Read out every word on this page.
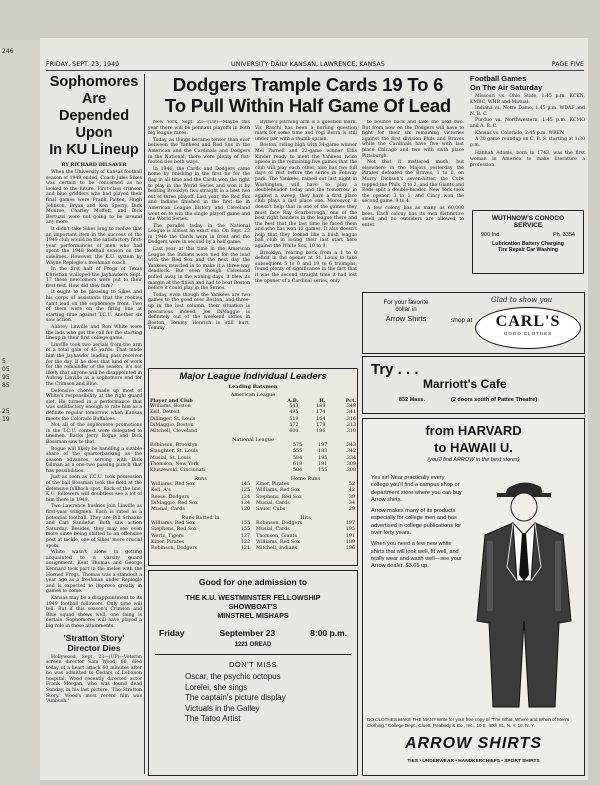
246
5
05
95
85
25
19
FRIDAY, SEPT. 23, 1949	UNIVERSITY DAILY KANSAN, LAWRENCE, KANSAS	PAGE FIVE
Sophomores Are
Depended Upon
In KU Lineup
BY RICHARD DILSAVER

When the University of Kansas football season of 1949 ended, Coach Jules Sikes was certain to be concerned as he looked to the future. First-class crimson and blue gridders who had played their final games were Frank Pattee, Hugh Johnson, Bryan and Ken Sperry, Dick Monroe, Charley Moffett, and Dick Bertuzzi were not going to be around any more.

It didn't take Sikes long to realize that an important item in the success of the 1949 club would be the satisfactory first-year performances of men who had spent the 1948 football season on the sidelines. However, the K.U. system by Wayne Replogle's freshman coach.

In the first half of Frogs of Texas Christian walloped the Jayhawkers Sept. 17 these newcomers were put to their first test. How did they fare?

It ought to be pleasing to Sikes and his corps of assistants that the rookies can't lead on the sophomore front. Two of them were on the firing line at starting time against T.C.U. Another six saw action.

Aubrey Linville and Ron White were the lads who got the call for the starting lineup in their first college game.

Linville took two aerials from the arm of a total gain of 45 yards. That made him the Jayhawks' leading pass receiver for the day. If he does that kind of work for the remainder of the season, it's not likely that anyone will be disappointed in Aubrey Linville as a sophomore end for the Crimson and Blue.

Defensive chores made up most of White's responsibility at the right guard slot. He turned in a performance that was satisfactory enough to rate him as a definite regular tomorrow when Kansas meets the Colorado Buffaloes.

Not all of the sophomore promotions in the T.C.U. contest were delegated to linemen. Backs Jerry Bogue and Dick Bossman saw to that.

Bogue will likely be handling a sizable share of the quarterbacking as the season advances, serving with Dick Gilman as a one-two passing punch that has possibilities.

Just as soon as T.C.U. took possession of the ball Bossman took the field at the defensive fullback spot. Back of the line, K.U. followers will doubtless see a lot of him there in 1949.

Two Lawrence huskies join Linville as first-year wingmen. Each is rated as a potential football. They are Bill Schaake and Carl Sandefur. Both saw action Saturday. Besides, they may see even more since being shifted to an offensive post at tackle, one of Sikes' more crucial spots.

White wasn't alone in getting acquainted to a varsity guard assignment. Kent Thomas and George Kennard took part in the melee with the Horned Frogs. Thomas was a standout a year ago as a freshman under Replogle and is expected to improve greatly in games to come.

Kansas may be a disappointment to its 1949 football followers. Only time will tell. But if this season's Crimson and Blue squad shows well, one thing is certain. Sophomores will have played a big role in those attainments.

'Stratton Story'
Director Dies

Hollywood, Sept. 23—(UP)—Veteran screen director Sam Wood, 66, died today of a heart attack 60 minutes after he was admitted to Cedars of Lebanon hospital. Wood recently directed actor Frank Morgan, who was found dead Sunday, in his last picture, 'The Stratton Story.' Wood's most recent film was 'Ambush.'

Dodgers Trample Cards 19 To 6
To Pull Within Half Game Of Lead

New York, Sept. 23—(UP)—Maybe this year there will be pennant playoffs in both big league races.

Today, as things became tenser than ever between the Yankees and Red Sox in the American and the Cardinals and Dodgers in the National, there were plenty of flat-footed ties both ways.

In 1946, the Cards and Dodgers came home by finishing in the first tie for the flag in all time and the Cards won the right to play in the World Series and won it by beating Brooklyn two straight in a best two out of three playoff. Last year, the Red Sox and Indians finished in the first tie in American League history and Cleveland went on to win the single playoff game and the World Series.

The parallel today in the National League is almost an exact one. On Sept. 23 in 1946 the Cards were in front and the Dodgers were in second by a half game.

Last year at this time in the American League the Indians were tied for the lead with the Red Sox and the next day the Yankees muscled in to make it a three-way deadlock. But even though Cleveland pulled away in the waning days, it blew its margin at the finish and had to beat Boston before it could play in the Series.

Today, even though the Yankees are two games to the good over Boston, and three-up in the lost column, their situation is precarious indeed. Joe DiMaggio is definitely out of the weekend series in Boston, Tommy Henrich is still hurt, Tommy

Byrne's pitching arm is a question mark. Vic Raschi has been a hurling question mark for some time and Yogi Berra is still under par with a thumb sprain.

Boston, riding high with 34-game winner Mel Parnell and 22-game winner Ellis Kinder ready to meet the Yankees twice apiece in the remaining five games that the club will play each other, also has two full days of rest before the series in Fenway park. The Yankees, rained out last night in Washington, will have to play a doubleheader today and the tomorrow in against a sweep, they have a first place club plays a last place one. Moreover, it doesn't help that in one of the games they must face Ray Scarborough, one of the best right handers in the league there and the best that the last time he faced them and who has won 12 games. It also doesn't help that they looked like a bush league ball club in losing their last start here against the White Sox, 10 to 9.

Brooklyn, roaring back from a 1 to 0 deficit in the opener at St. Louis to take subsequent 5 to 0 and 19 to 6 triumphs, found plenty of significance in the fact that it was the second straight time it had lost the opener of a Cardinal series, only

to bounce back and take the next two. But from now on the Dodgers will have to fight for their six remaining victories against the first division Phils and Braves while the Cardinals have five with last place Chicago and two with sixth place Pittsburgh.

Not that it mattered much, but elsewhere in the Majors yesterday the Pirates defeated the Braves, 1 to 0, on Murry Dickson's seven-hitter, the Cubs topped the Phils, 3 to 2, and the Giants and Reds split a double-header. New York took the opener, 3 to 1, and Cincy won the second game, 9 to 4.

A few colony has as many as 60,000 bees. Each colony has its own distinctive smell and no outsiders are allowed to enter.

Football Games
On The Air Saturday

Missouri vs. Ohio State, 1:45 p.m. KCKN, KMBC, WHB and Mutual.

Indiana vs. Notre Dame, 1:45 p.m. WDAF and N. B. C.

Purdue vs. Northwestern, 1:45 p.m. KCMO and A. B. C.

Kansas vs. Colorado, 2:45 p.m. WREN

A 30 game roundup on C. B. S. starting at 1:30 p.m.

Hannah Adams, born in 1743, was the first woman in America to make literature a profession.

WUTHNOW'S CONOCO
SERVICE
900 Ind.	Ph. 3354
Lubrication Battery Charging
Tire Repair Car Washing
For your favorite
collar in
Arrow Shirts	shop at
Glad to show you
CARL'S
GOOD CLOTHES
Try . . .
Marriott's Cafe
832 Mass.	(2 doors south of Pattee Theatre)
Major League Individual Leaders
Leading Batsmen
American League
Player and Club	A.B.	H.	Pct.
Williams, Boston	543	189	.348
Kell, Detroit	495	174	.341
Dillinger, St. Louis	519	164	.316
DiMaggio, Boston	572	179	.313
Mitchell, Cleveland	600	186	.310
National League
Robinson, Brooklyn	575	197	.343
Slaughter, St. Louis	555	183	.342
Musial, St. Louis	584	195	.334
Thomson, New York	618	191	.309
Kluszewski, Cincinnati	504	155	.308
Runs
Williams, Red Sox	145
Kell, A's	125
Reese, Dodgers	124
DiMaggio, Red Sox	124
Musial, Cards	120
Runs Batted In
Williams, Red Sox	155
Stephens, Red Sox	155
Wertz, Tigers	127
Kiner, Pirates	122
Robinson, Dodgers	121
Home Runs
Kiner, Pirates	52
Williams, Red Sox	42
Stephens, Red Sox	39
Musial, Cards	34
Sauer, Cubs	29
Hits
Robinson, Dodgers	197
Musial, Cards	195
Thomson, Giants	191
Williams, Red Sox	189
Mitchell, Indians	186
Good for one admission to
THE K.U. WESTMINSTER FELLOWSHIP
SHOWBOAT'S
MINSTREL MISHAPS
Friday	September 23	8:00 p.m.
1221 OREAD
DON'T MISS
Oscar, the psychic octopus
Lorelei, she sings
The captain's picture display
Victuals in the Galley
The Tatoo Artist
from HARVARD
to HAWAII U.
(you'll find ARROW in the best stores)

Yes sir! Near practically every college you'll find a campus shop or department store where you can buy Arrow shirts.

Arrow makes many of its products especially for college men and has advertised in college publications for over forty years.

When you need a few new white shirts that will look well, fit well, and really wear and wash well—see your Arrow dealer. $3.65 up.

DO CLOTHES MAKE THE MAN? Write for your free copy of "The What, Where and When of Men's Clothing." College Dept., Cluett, Peabody & Co., Inc., 10 E. 40th St., N. Y. 16, N. Y.
ARROW SHIRTS
TIES • UNDERWEAR • HANDKERCHIEFS • SPORT SHIRTS
